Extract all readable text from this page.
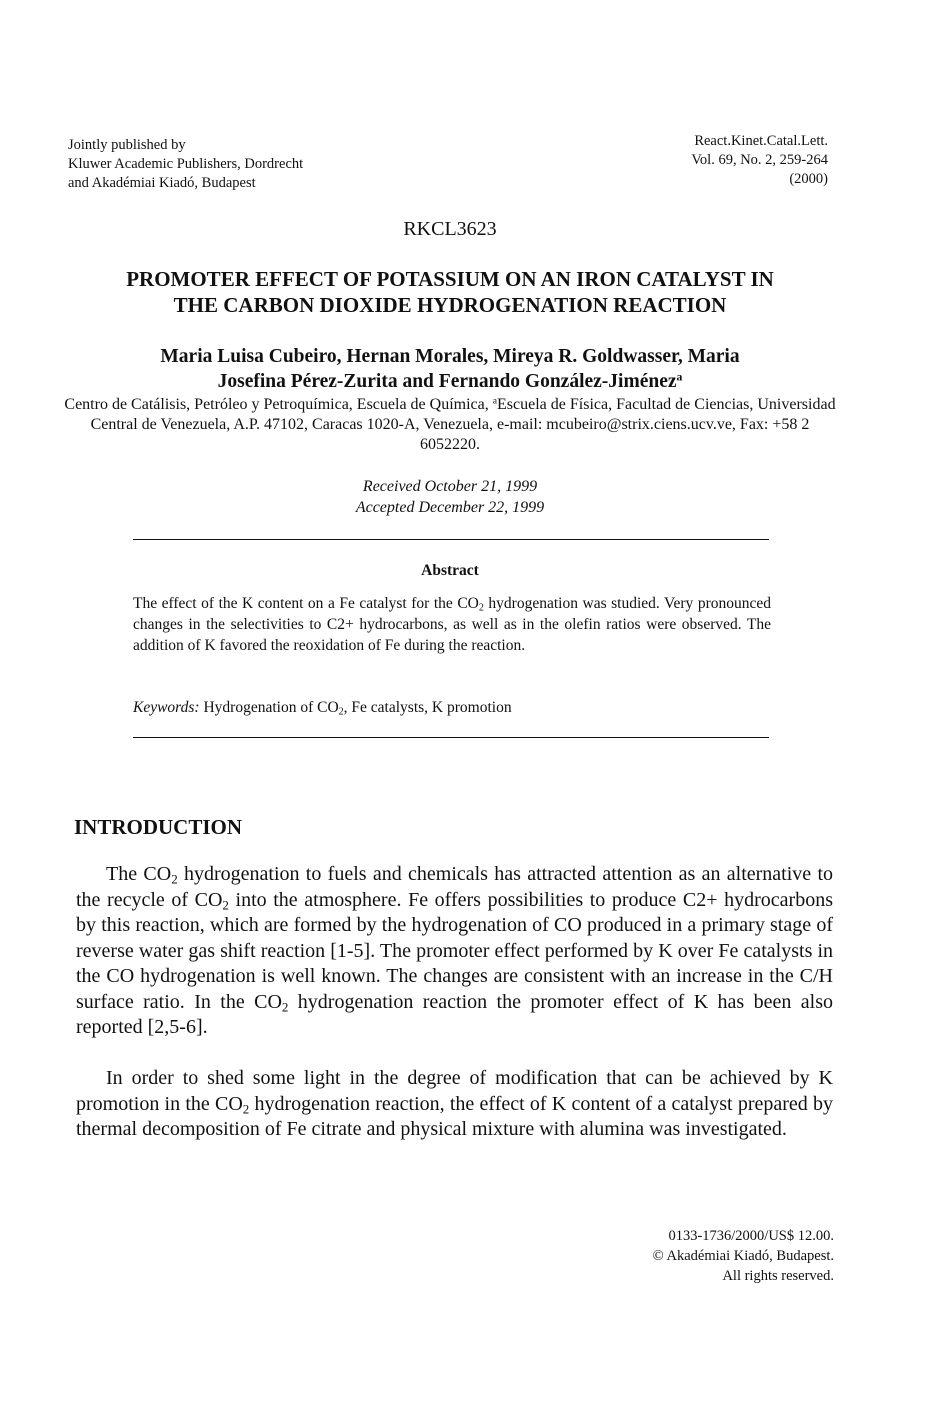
Jointly published by
Kluwer Academic Publishers, Dordrecht
and Akadémiai Kiadó, Budapest
React.Kinet.Catal.Lett.
Vol. 69, No. 2, 259-264
(2000)
RKCL3623
PROMOTER EFFECT OF POTASSIUM ON AN IRON CATALYST IN
THE CARBON DIOXIDE HYDROGENATION REACTION
Maria Luisa Cubeiro, Hernan Morales, Mireya R. Goldwasser, Maria
Josefina Pérez-Zurita and Fernando González-Jiménez$^a$
Centro de Catálisis, Petróleo y Petroquímica, Escuela de Química, $^a$Escuela de Física, Facultad de Ciencias, Universidad Central de Venezuela, A.P. 47102, Caracas 1020-A, Venezuela, e-mail: mcubeiro@strix.ciens.ucv.ve, Fax: +58 2 6052220.
Received October 21, 1999
Accepted December 22, 1999
Abstract
The effect of the K content on a Fe catalyst for the $CO_2$ hydrogenation was studied. Very pronounced changes in the selectivities to C2+ hydrocarbons, as well as in the olefin ratios were observed. The addition of K favored the reoxidation of Fe during the reaction.
Keywords: Hydrogenation of $CO_2$, Fe catalysts, K promotion
INTRODUCTION

The $CO_2$ hydrogenation to fuels and chemicals has attracted attention as an alternative to the recycle of $CO_2$ into the atmosphere. Fe offers possibilities to produce C2+ hydrocarbons by this reaction, which are formed by the hydrogenation of CO produced in a primary stage of reverse water gas shift reaction [1-5]. The promoter effect performed by K over Fe catalysts in the CO hydrogenation is well known. The changes are consistent with an increase in the C/H surface ratio. In the $CO_2$ hydrogenation reaction the promoter effect of K has been also reported [2,5-6].

In order to shed some light in the degree of modification that can be achieved by K promotion in the $CO_2$ hydrogenation reaction, the effect of K content of a catalyst prepared by thermal decomposition of Fe citrate and physical mixture with alumina was investigated.

0133-1736/2000/US$ 12.00.
© Akadémiai Kiadó, Budapest.
All rights reserved.
